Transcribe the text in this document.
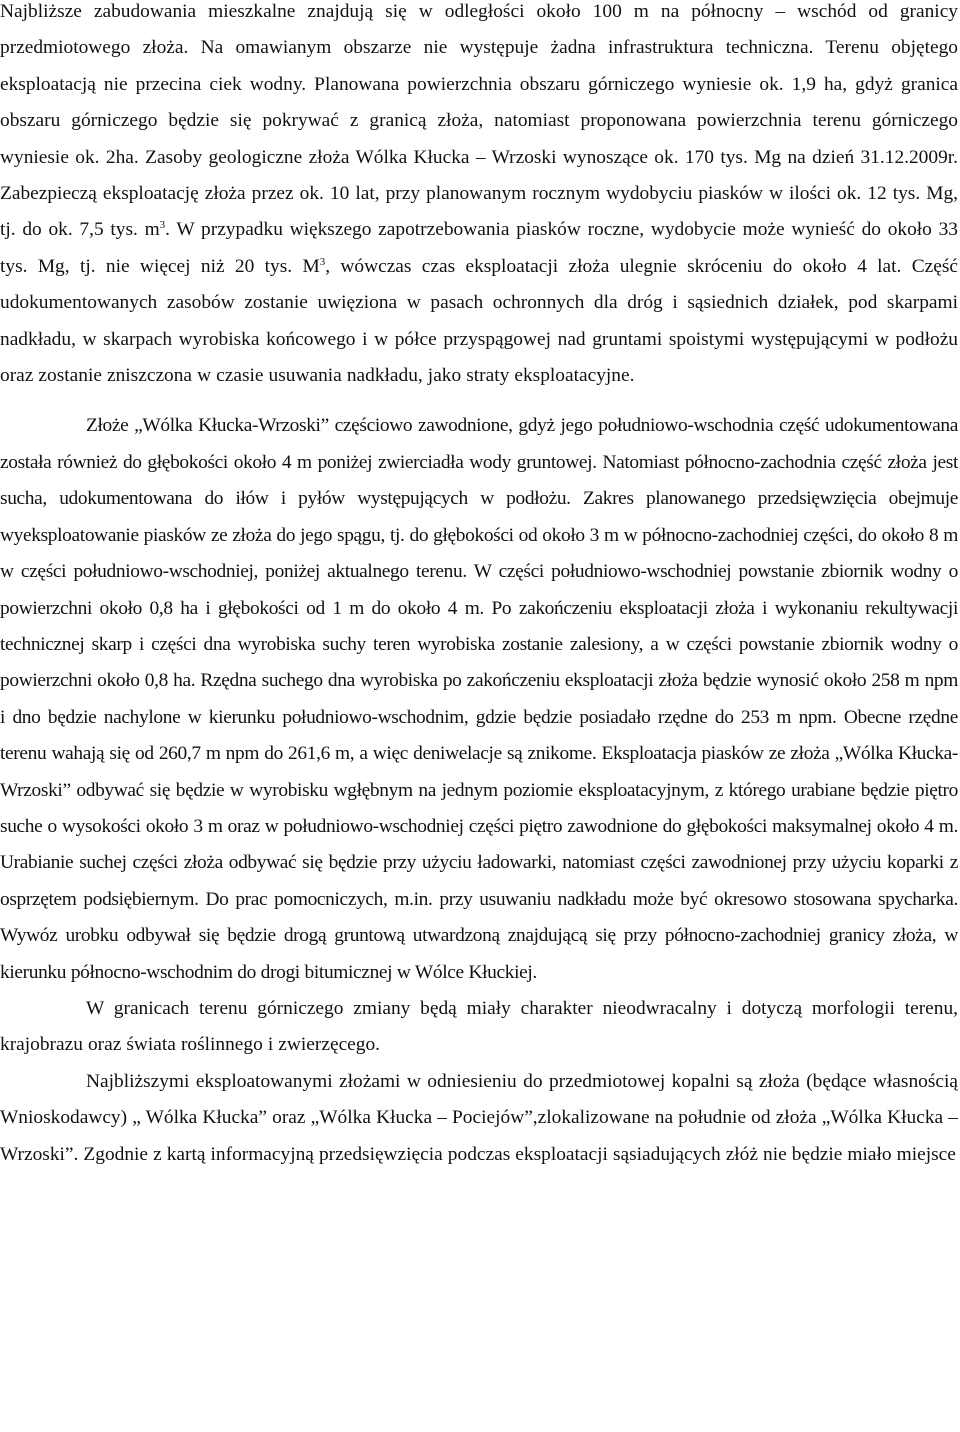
Najbliższe zabudowania mieszkalne znajdują się w odległości około 100 m na północny – wschód od granicy przedmiotowego złoża. Na omawianym obszarze nie występuje żadna infrastruktura techniczna. Terenu objętego eksploatacją nie przecina ciek wodny. Planowana powierzchnia obszaru górniczego wyniesie ok. 1,9 ha, gdyż granica obszaru górniczego będzie się pokrywać z granicą złoża, natomiast proponowana powierzchnia terenu górniczego wyniesie ok. 2ha. Zasoby geologiczne złoża Wólka Kłucka – Wrzoski wynoszące ok. 170 tys. Mg na dzień 31.12.2009r. Zabezpieczą eksploatację złoża przez ok. 10 lat, przy planowanym rocznym wydobyciu piasków w ilości ok. 12 tys. Mg, tj. do ok. 7,5 tys. $m^3$. W przypadku większego zapotrzebowania piasków roczne, wydobycie może wynieść do około 33 tys. Mg, tj. nie więcej niż 20 tys. $M^3$, wówczas czas eksploatacji złoża ulegnie skróceniu do około 4 lat. Część udokumentowanych zasobów zostanie uwięziona w pasach ochronnych dla dróg i sąsiednich działek, pod skarpami nadkładu, w skarpach wyrobiska końcowego i w półce przyspągowej nad gruntami spoistymi występującymi w podłożu oraz zostanie zniszczona w czasie usuwania nadkładu, jako straty eksploatacyjne.

Złoże „Wólka Kłucka-Wrzoski” częściowo zawodnione, gdyż jego południowo-wschodnia część udokumentowana została również do głębokości około 4 m poniżej zwierciadła wody gruntowej. Natomiast północno-zachodnia część złoża jest sucha, udokumentowana do iłów i pyłów występujących w podłożu. Zakres planowanego przedsięwzięcia obejmuje wyeksploatowanie piasków ze złoża do jego spągu, tj. do głębokości od około 3 m w północno-zachodniej części, do około 8 m w części południowo-wschodniej, poniżej aktualnego terenu. W części południowo-wschodniej powstanie zbiornik wodny o powierzchni około 0,8 ha i głębokości od 1 m do około 4 m. Po zakończeniu eksploatacji złoża i wykonaniu rekultywacji technicznej skarp i części dna wyrobiska suchy teren wyrobiska zostanie zalesiony, a w części powstanie zbiornik wodny o powierzchni około 0,8 ha. Rzędna suchego dna wyrobiska po zakończeniu eksploatacji złoża będzie wynosić około 258 m npm i dno będzie nachylone w kierunku południowo-wschodnim, gdzie będzie posiadało rzędne do 253 m npm. Obecne rzędne terenu wahają się od 260,7 m npm do 261,6 m, a więc deniwelacje są znikome. Eksploatacja piasków ze złoża „Wólka Kłucka-Wrzoski” odbywać się będzie w wyrobisku wgłębnym na jednym poziomie eksploatacyjnym, z którego urabiane będzie piętro suche o wysokości około 3 m oraz w południowo-wschodniej części piętro zawodnione do głębokości maksymalnej około 4 m. Urabianie suchej części złoża odbywać się będzie przy użyciu ładowarki, natomiast części zawodnionej przy użyciu koparki z osprzętem podsiębiernym. Do prac pomocniczych, m.in. przy usuwaniu nadkładu może być okresowo stosowana spycharka. Wywóz urobku odbywał się będzie drogą gruntową utwardzoną znajdującą się przy północno-zachodniej granicy złoża, w kierunku północno-wschodnim do drogi bitumicznej w Wólce Kłuckiej.

W granicach terenu górniczego zmiany będą miały charakter nieodwracalny i dotyczą morfologii terenu, krajobrazu oraz świata roślinnego i zwierzęcego.

Najbliższymi eksploatowanymi złożami w odniesieniu do przedmiotowej kopalni są złoża (będące własnością Wnioskodawcy) „ Wólka Kłucka” oraz „Wólka Kłucka – Pociejów”,zlokalizowane na południe od złoża „Wólka Kłucka – Wrzoski”. Zgodnie z kartą informacyjną przedsięwzięcia podczas eksploatacji sąsiadujących złóż nie będzie miało miejsce
